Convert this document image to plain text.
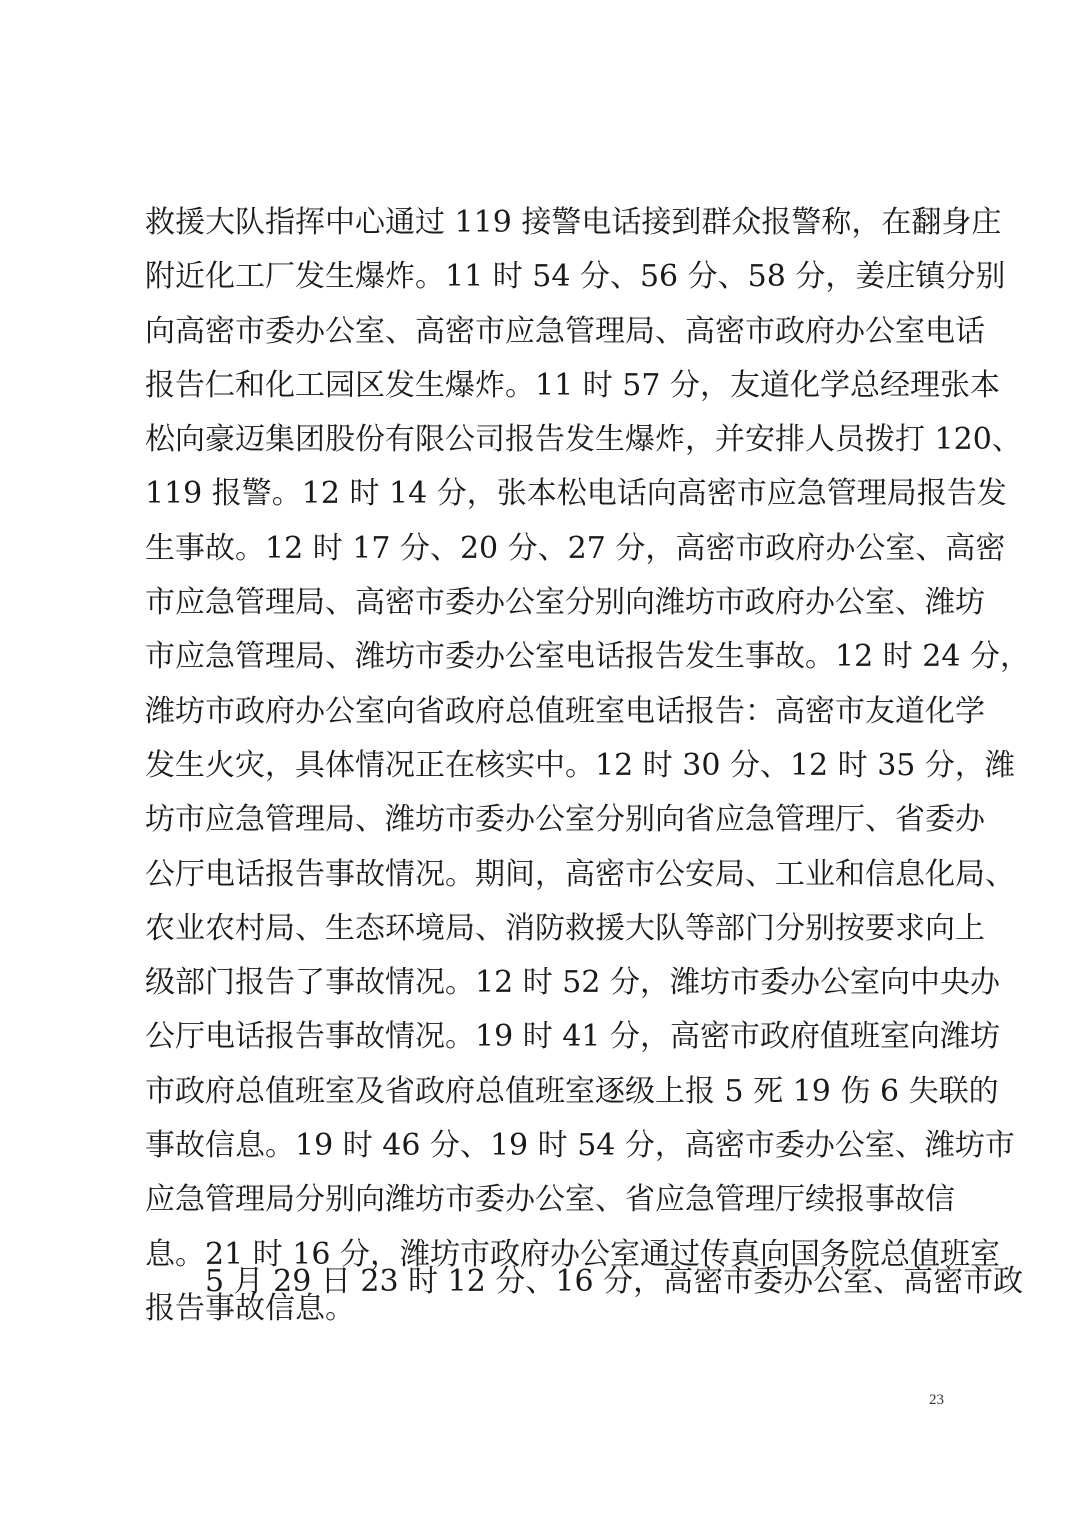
救援大队指挥中心通过 119 接警电话接到群众报警称，在翻身庄
附近化工厂发生爆炸。11 时 54 分、56 分、58 分，姜庄镇分别
向高密市委办公室、高密市应急管理局、高密市政府办公室电话
报告仁和化工园区发生爆炸。11 时 57 分，友道化学总经理张本
松向豪迈集团股份有限公司报告发生爆炸，并安排人员拨打 120、
119 报警。12 时 14 分，张本松电话向高密市应急管理局报告发
生事故。12 时 17 分、20 分、27 分，高密市政府办公室、高密
市应急管理局、高密市委办公室分别向潍坊市政府办公室、潍坊
市应急管理局、潍坊市委办公室电话报告发生事故。12 时 24 分，
潍坊市政府办公室向省政府总值班室电话报告：高密市友道化学
发生火灾，具体情况正在核实中。12 时 30 分、12 时 35 分，潍
坊市应急管理局、潍坊市委办公室分别向省应急管理厅、省委办
公厅电话报告事故情况。期间，高密市公安局、工业和信息化局、
农业农村局、生态环境局、消防救援大队等部门分别按要求向上
级部门报告了事故情况。12 时 52 分，潍坊市委办公室向中央办
公厅电话报告事故情况。19 时 41 分，高密市政府值班室向潍坊
市政府总值班室及省政府总值班室逐级上报 5 死 19 伤 6 失联的
事故信息。19 时 46 分、19 时 54 分，高密市委办公室、潍坊市
应急管理局分别向潍坊市委办公室、省应急管理厅续报事故信
息。21 时 16 分，潍坊市政府办公室通过传真向国务院总值班室
报告事故信息。
5 月 29 日 23 时 12 分、16 分，高密市委办公室、高密市政
23
